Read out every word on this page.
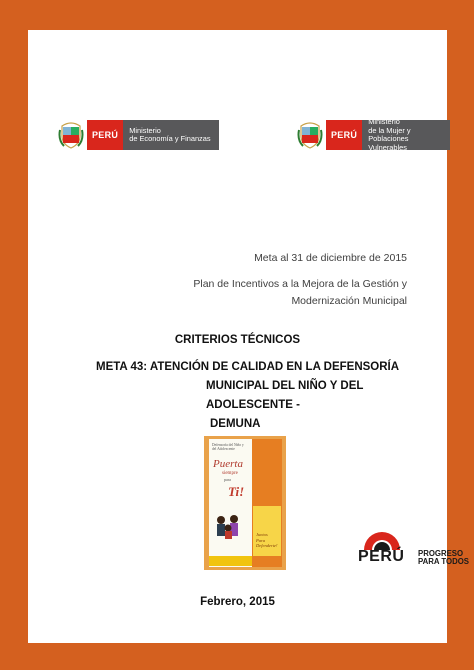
PERÚ	Ministerio
de Economía y Finanzas	PERÚ
Ministerio
de la Mujer y
Poblaciones Vulnerables
Meta al 31 de diciembre de 2015
Plan de Incentivos a la Mejora de la Gestión y
Modernización Municipal
CRITERIOS TÉCNICOS
META 43: ATENCIÓN DE CALIDAD EN LA DEFENSORÍA
MUNICIPAL DEL NIÑO Y DEL ADOLESCENTE -
DEMUNA
Defensoría del Niño y
del Adolescente
Puerta
siempre
para
Ti!
Juntos
Para
Defenderte!
PERÚ PROGRESO
PARA TODOS
Febrero, 2015
